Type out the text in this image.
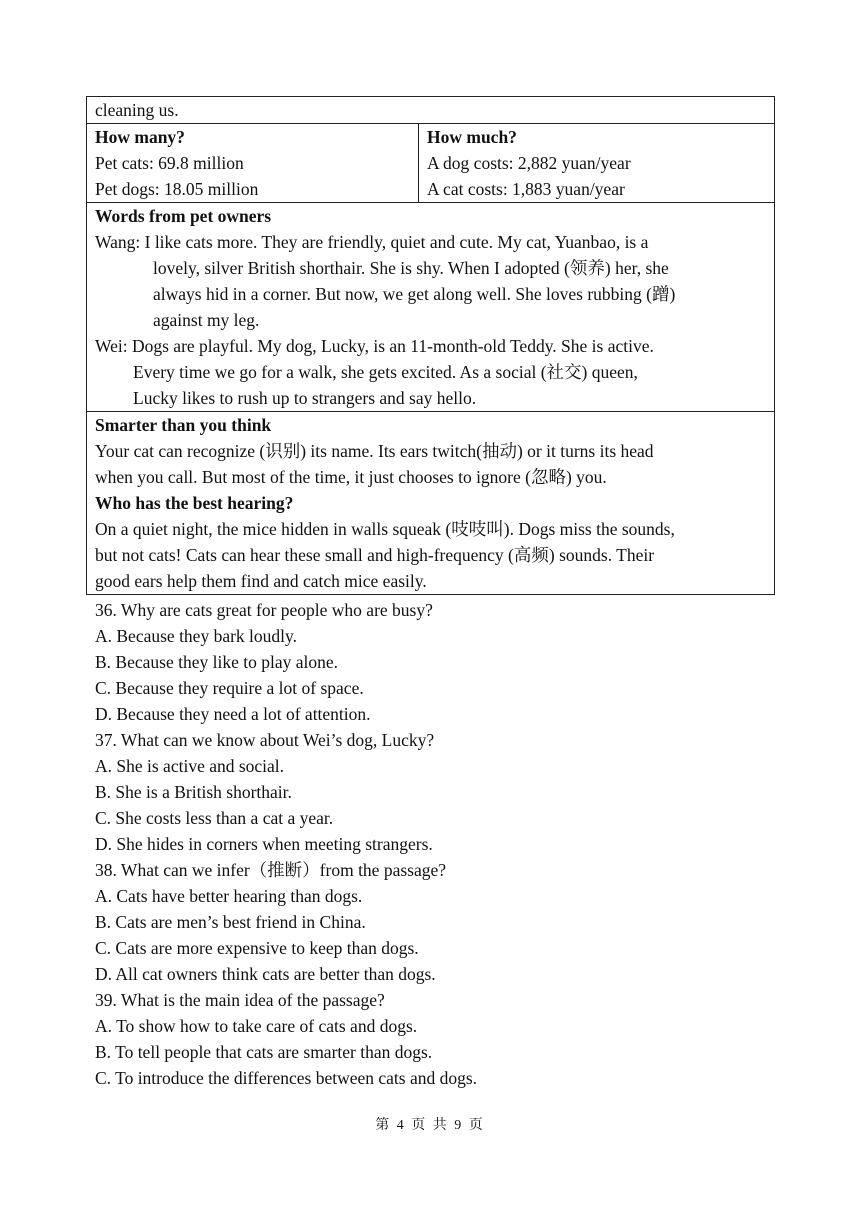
cleaning us.

How many?
Pet cats: 69.8 million
Pet dogs: 18.05 million

How much?
A dog costs: 2,882 yuan/year
A cat costs: 1,883 yuan/year

Words from pet owners
Wang: I like cats more. They are friendly, quiet and cute. My cat, Yuanbao, is a
lovely, silver British shorthair. She is shy. When I adopted (领养) her, she
always hid in a corner. But now, we get along well. She loves rubbing (蹭)
against my leg.
Wei: Dogs are playful. My dog, Lucky, is an 11-month-old Teddy. She is active.
Every time we go for a walk, she gets excited. As a social (社交) queen,
Lucky likes to rush up to strangers and say hello.

Smarter than you think
Your cat can recognize (识别) its name. Its ears twitch(抽动) or it turns its head
when you call. But most of the time, it just chooses to ignore (忽略) you.
Who has the best hearing?
On a quiet night, the mice hidden in walls squeak (吱吱叫). Dogs miss the sounds,
but not cats! Cats can hear these small and high-frequency (高频) sounds. Their
good ears help them find and catch mice easily.
36. Why are cats great for people who are busy?
A. Because they bark loudly.
B. Because they like to play alone.
C. Because they require a lot of space.
D. Because they need a lot of attention.
37. What can we know about Wei’s dog, Lucky?
A. She is active and social.
B. She is a British shorthair.
C. She costs less than a cat a year.
D. She hides in corners when meeting strangers.
38. What can we infer（推断）from the passage?
A. Cats have better hearing than dogs.
B. Cats are men’s best friend in China.
C. Cats are more expensive to keep than dogs.
D. All cat owners think cats are better than dogs.
39. What is the main idea of the passage?
A. To show how to take care of cats and dogs.
B. To tell people that cats are smarter than dogs.
C. To introduce the differences between cats and dogs.
第 4 页 共 9 页
